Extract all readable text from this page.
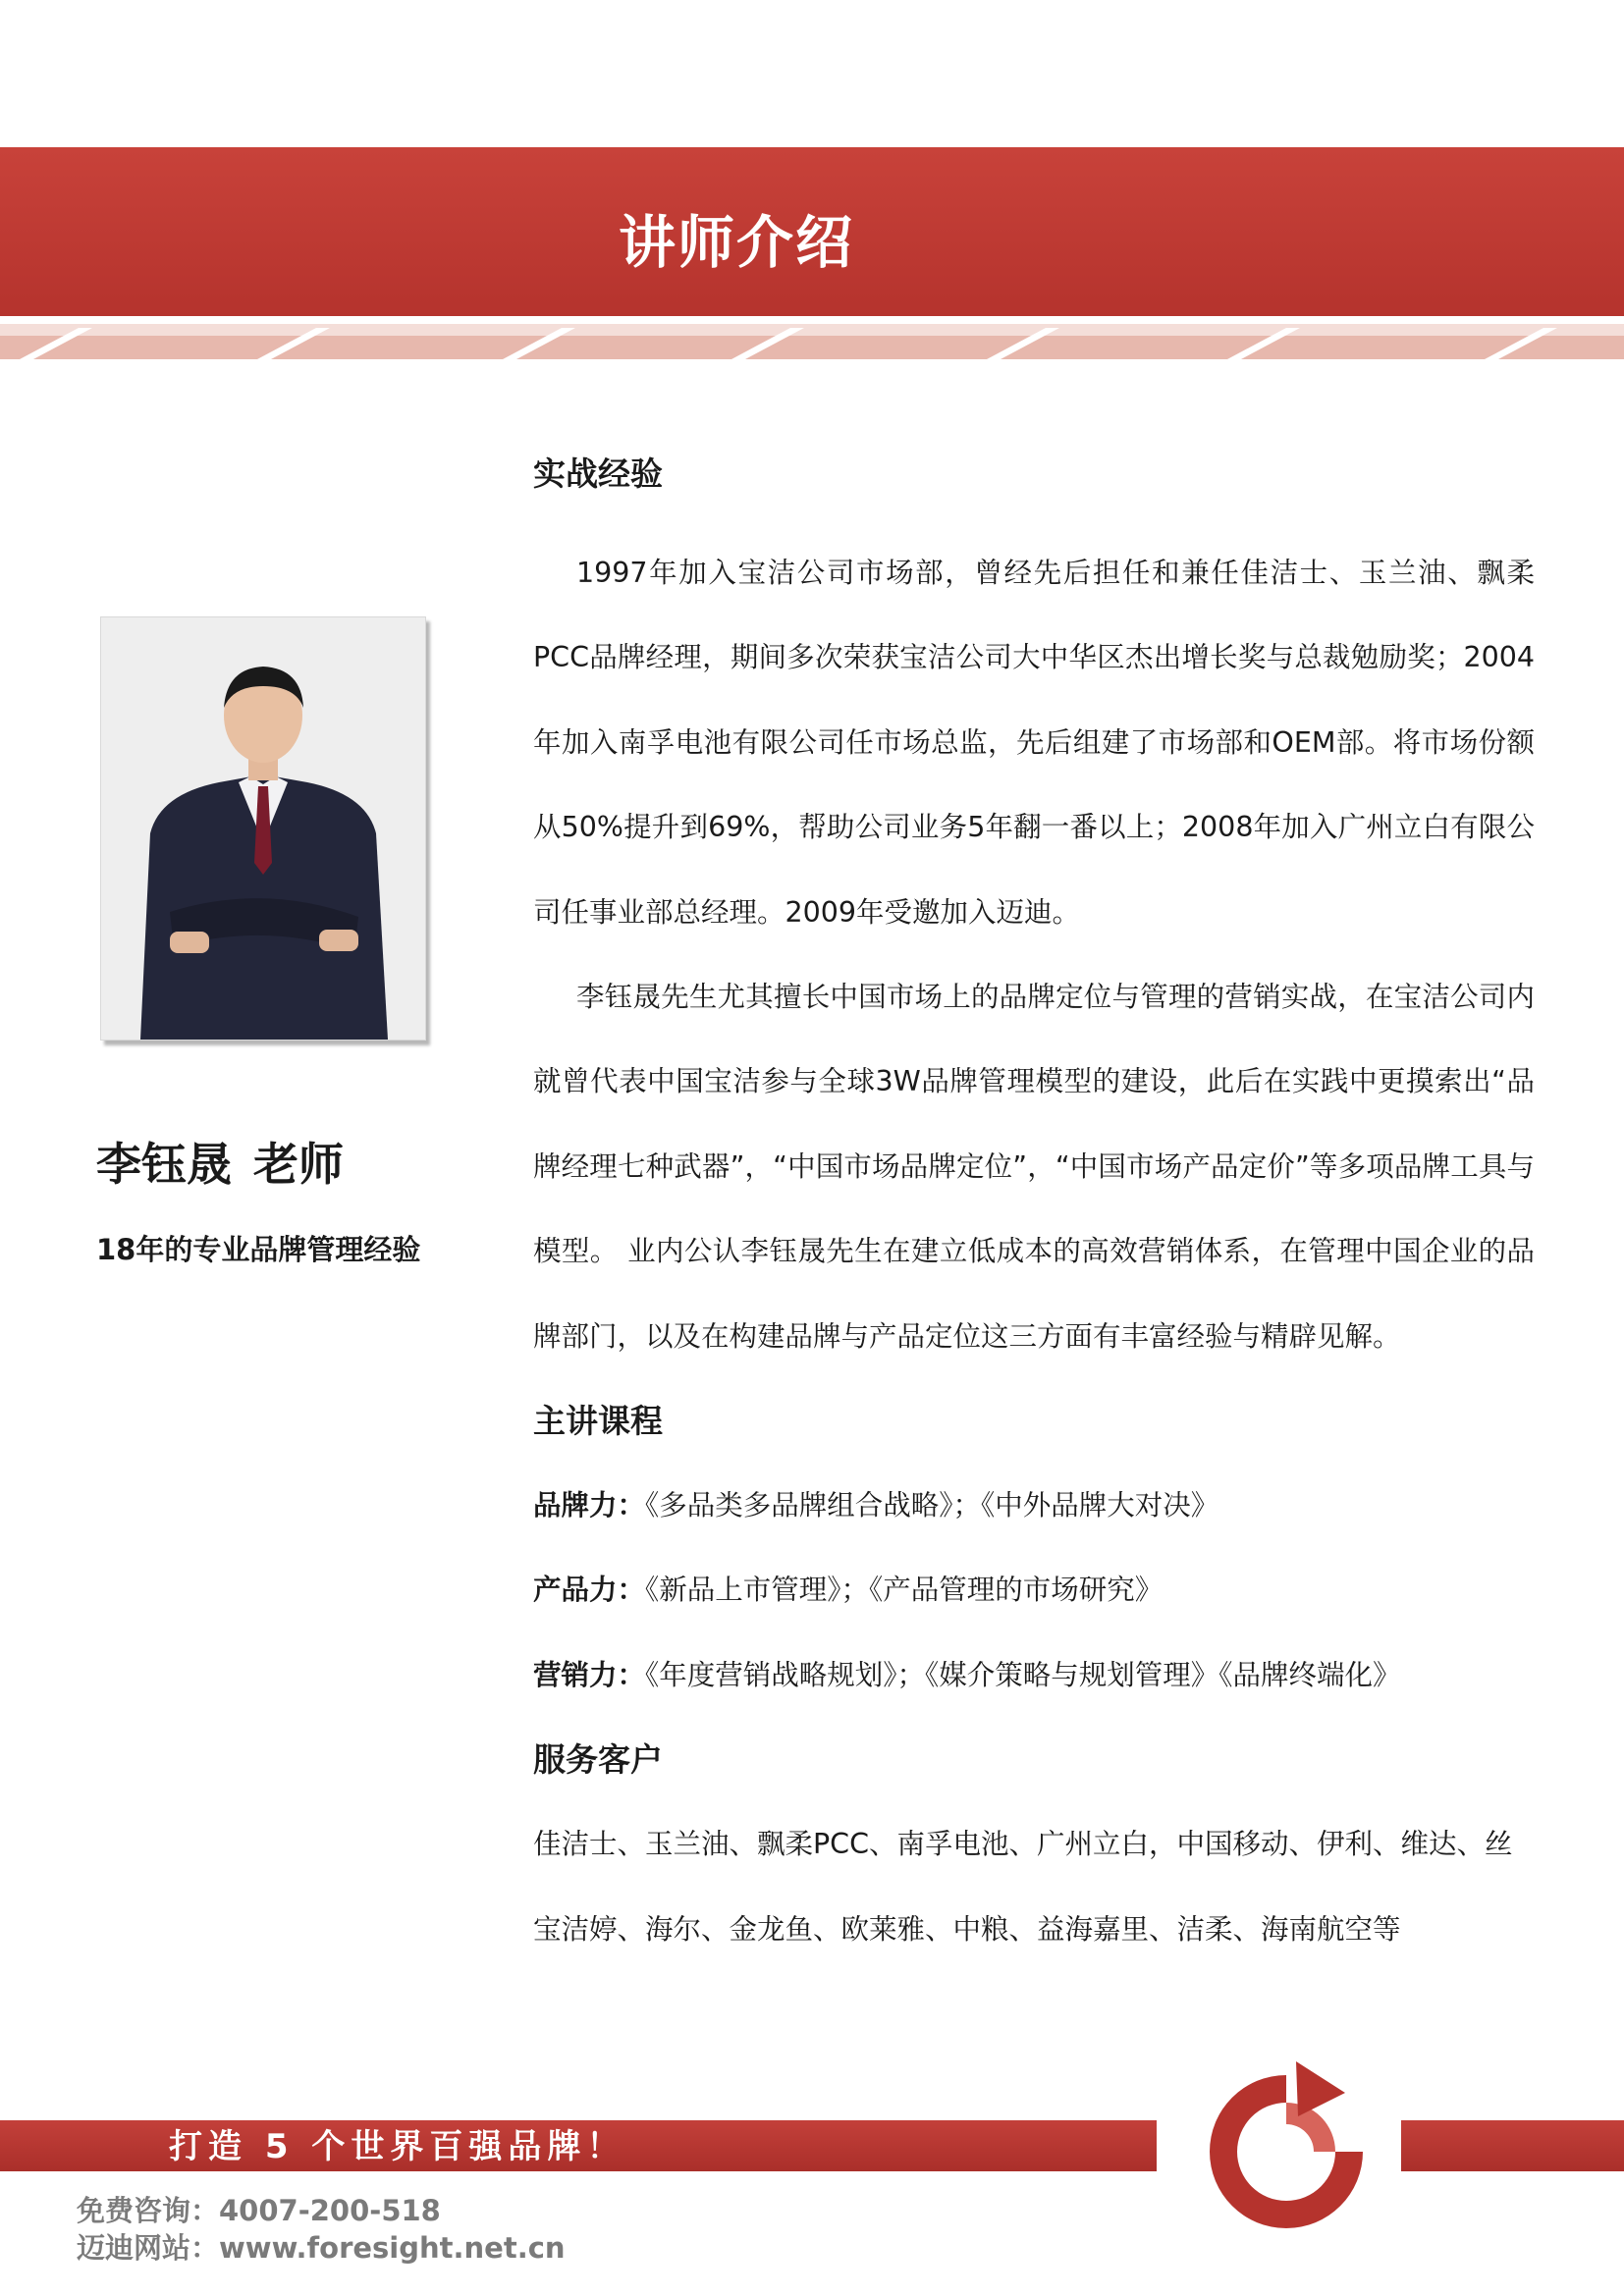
讲师介绍
李钰晟 老师
18年的专业品牌管理经验
实战经验

1997年加入宝洁公司市场部，曾经先后担任和兼任佳洁士、玉兰油、飘柔PCC品牌经理，期间多次荣获宝洁公司大中华区杰出增长奖与总裁勉励奖；2004年加入南孚电池有限公司任市场总监，先后组建了市场部和OEM部。将市场份额从50%提升到69%，帮助公司业务5年翻一番以上；2008年加入广州立白有限公司任事业部总经理。2009年受邀加入迈迪。

李钰晟先生尤其擅长中国市场上的品牌定位与管理的营销实战，在宝洁公司内就曾代表中国宝洁参与全球3W品牌管理模型的建设，此后在实践中更摸索出“品牌经理七种武器”，“中国市场品牌定位”，“中国市场产品定价”等多项品牌工具与模型。 业内公认李钰晟先生在建立低成本的高效营销体系，在管理中国企业的品牌部门，以及在构建品牌与产品定位这三方面有丰富经验与精辟见解。

主讲课程
品牌力：《多品类多品牌组合战略》；《中外品牌大对决》
产品力：《新品上市管理》；《产品管理的市场研究》
营销力：《年度营销战略规划》；《媒介策略与规划管理》《品牌终端化》
服务客户
佳洁士、玉兰油、飘柔PCC、南孚电池、广州立白，中国移动、伊利、维达、丝
宝洁婷、海尔、金龙鱼、欧莱雅、中粮、益海嘉里、洁柔、海南航空等
打造 5 个世界百强品牌！
免费咨询：4007-200-518
迈迪网站：www.foresight.net.cn
